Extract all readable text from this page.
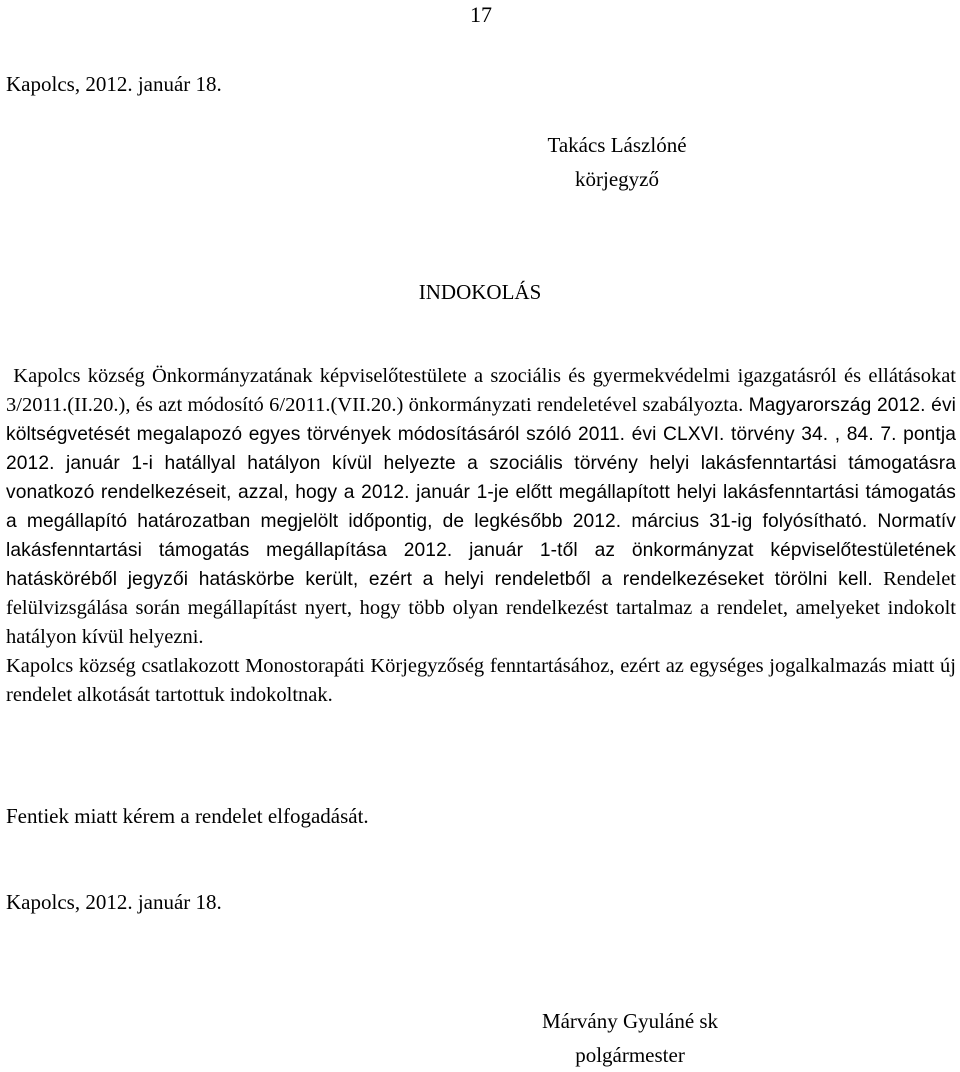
17
Kapolcs, 2012. január 18.
Takács Lászlóné
körjegyző
INDOKOLÁS

Kapolcs község Önkormányzatának képviselőtestülete a szociális és gyermekvédelmi igazgatásról és ellátásokat 3/2011.(II.20.), és azt módosító 6/2011.(VII.20.) önkormányzati rendeletével szabályozta. Magyarország 2012. évi költségvetését megalapozó egyes törvények módosításáról szóló 2011. évi CLXVI. törvény 34. , 84. 7. pontja 2012. január 1-i hatállyal hatályon kívül helyezte a szociális törvény helyi lakásfenntartási támogatásra vonatkozó rendelkezéseit, azzal, hogy a 2012. január 1-je előtt megállapított helyi lakásfenntartási támogatás a megállapító határozatban megjelölt időpontig, de legkésőbb 2012. március 31-ig folyósítható. Normatív lakásfenntartási támogatás megállapítása 2012. január 1-től az önkormányzat képviselőtestületének hatásköréből jegyzői hatáskörbe került, ezért a helyi rendeletből a rendelkezéseket törölni kell. Rendelet felülvizsgálása során megállapítást nyert, hogy több olyan rendelkezést tartalmaz a rendelet, amelyeket indokolt hatályon kívül helyezni.

Kapolcs község csatlakozott Monostorapáti Körjegyzőség fenntartásához, ezért az egységes jogalkalmazás miatt új rendelet alkotását tartottuk indokoltnak.

Fentiek miatt kérem a rendelet elfogadását.
Kapolcs, 2012. január 18.
Márvány Gyuláné sk
polgármester
